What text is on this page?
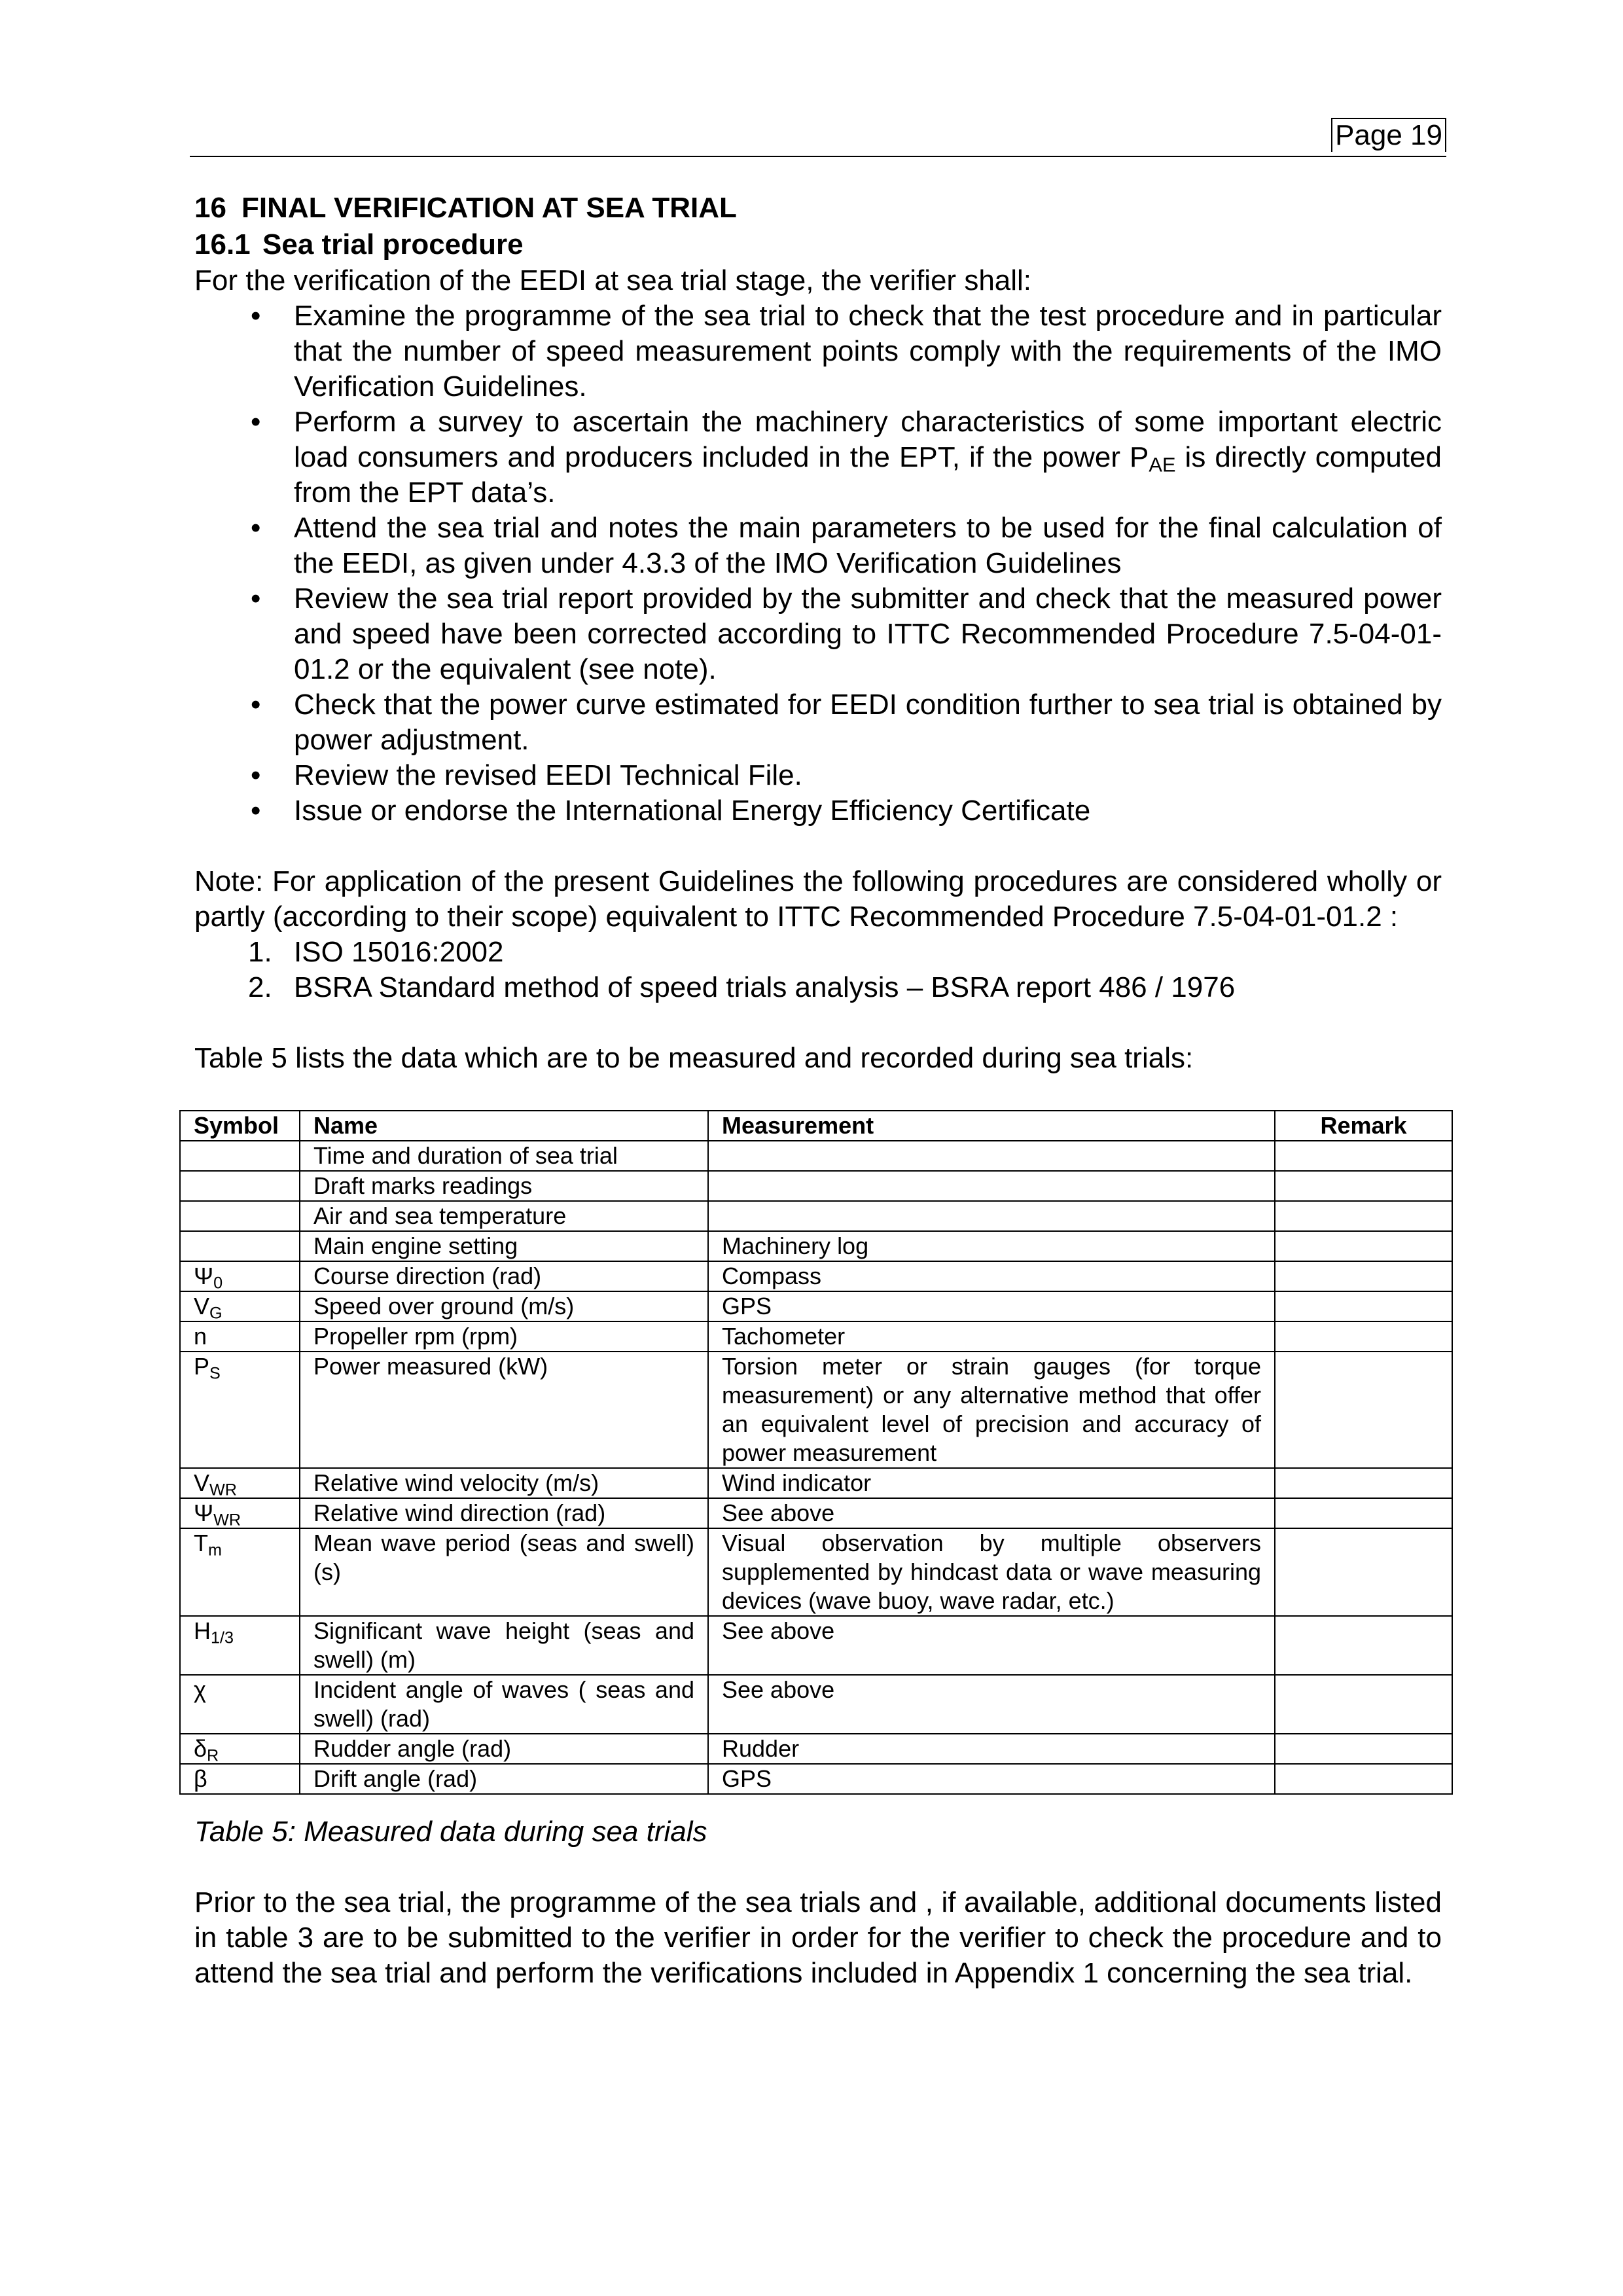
Page 19
16 FINAL VERIFICATION AT SEA TRIAL
16.1 Sea trial procedure

For the verification of the EEDI at sea trial stage, the verifier shall:

• Examine the programme of the sea trial to check that the test procedure and in particular that the number of speed measurement points comply with the requirements of the IMO Verification Guidelines.
• Perform a survey to ascertain the machinery characteristics of some important electric load consumers and producers included in the EPT, if the power $P_{AE}$ is directly computed from the EPT data’s.
• Attend the sea trial and notes the main parameters to be used for the final calculation of the EEDI, as given under 4.3.3 of the IMO Verification Guidelines
• Review the sea trial report provided by the submitter and check that the measured power and speed have been corrected according to ITTC Recommended Procedure 7.5-04-01-01.2 or the equivalent (see note).
• Check that the power curve estimated for EEDI condition further to sea trial is obtained by power adjustment.
• Review the revised EEDI Technical File.
• Issue or endorse the International Energy Efficiency Certificate

Note: For application of the present Guidelines the following procedures are considered wholly or partly (according to their scope) equivalent to ITTC Recommended Procedure 7.5-04-01-01.2 :

1. ISO 15016:2002
2. BSRA Standard method of speed trials analysis – BSRA report 486 / 1976

Table 5 lists the data which are to be measured and recorded during sea trials:

Symbol	Name	Measurement	Remark
	Time and duration of sea trial		
	Draft marks readings		
	Air and sea temperature		
	Main engine setting	Machinery log	
$\Psi_0$	Course direction (rad)	Compass	
$V_G$	Speed over ground (m/s)	GPS	
n	Propeller rpm (rpm)	Tachometer	
$P_S$	Power measured (kW)	Torsion meter or strain gauges (for torque measurement) or any alternative method that offer an equivalent level of precision and accuracy of power measurement	
$V_{WR}$	Relative wind velocity (m/s)	Wind indicator	
$\Psi_{WR}$	Relative wind direction (rad)	See above	
$T_m$	Mean wave period (seas and swell) (s)	Visual observation by multiple observers supplemented by hindcast data or wave measuring devices (wave buoy, wave radar, etc.)	
$H_{1/3}$	Significant wave height (seas and swell) (m)	See above	
χ	Incident angle of waves ( seas and swell) (rad)	See above	
$\delta_R$	Rudder angle (rad)	Rudder	
β	Drift angle (rad)	GPS	
Table 5: Measured data during sea trials

Prior to the sea trial, the programme of the sea trials and , if available, additional documents listed in table 3 are to be submitted to the verifier in order for the verifier to check the procedure and to attend the sea trial and perform the verifications included in Appendix 1 concerning the sea trial.
